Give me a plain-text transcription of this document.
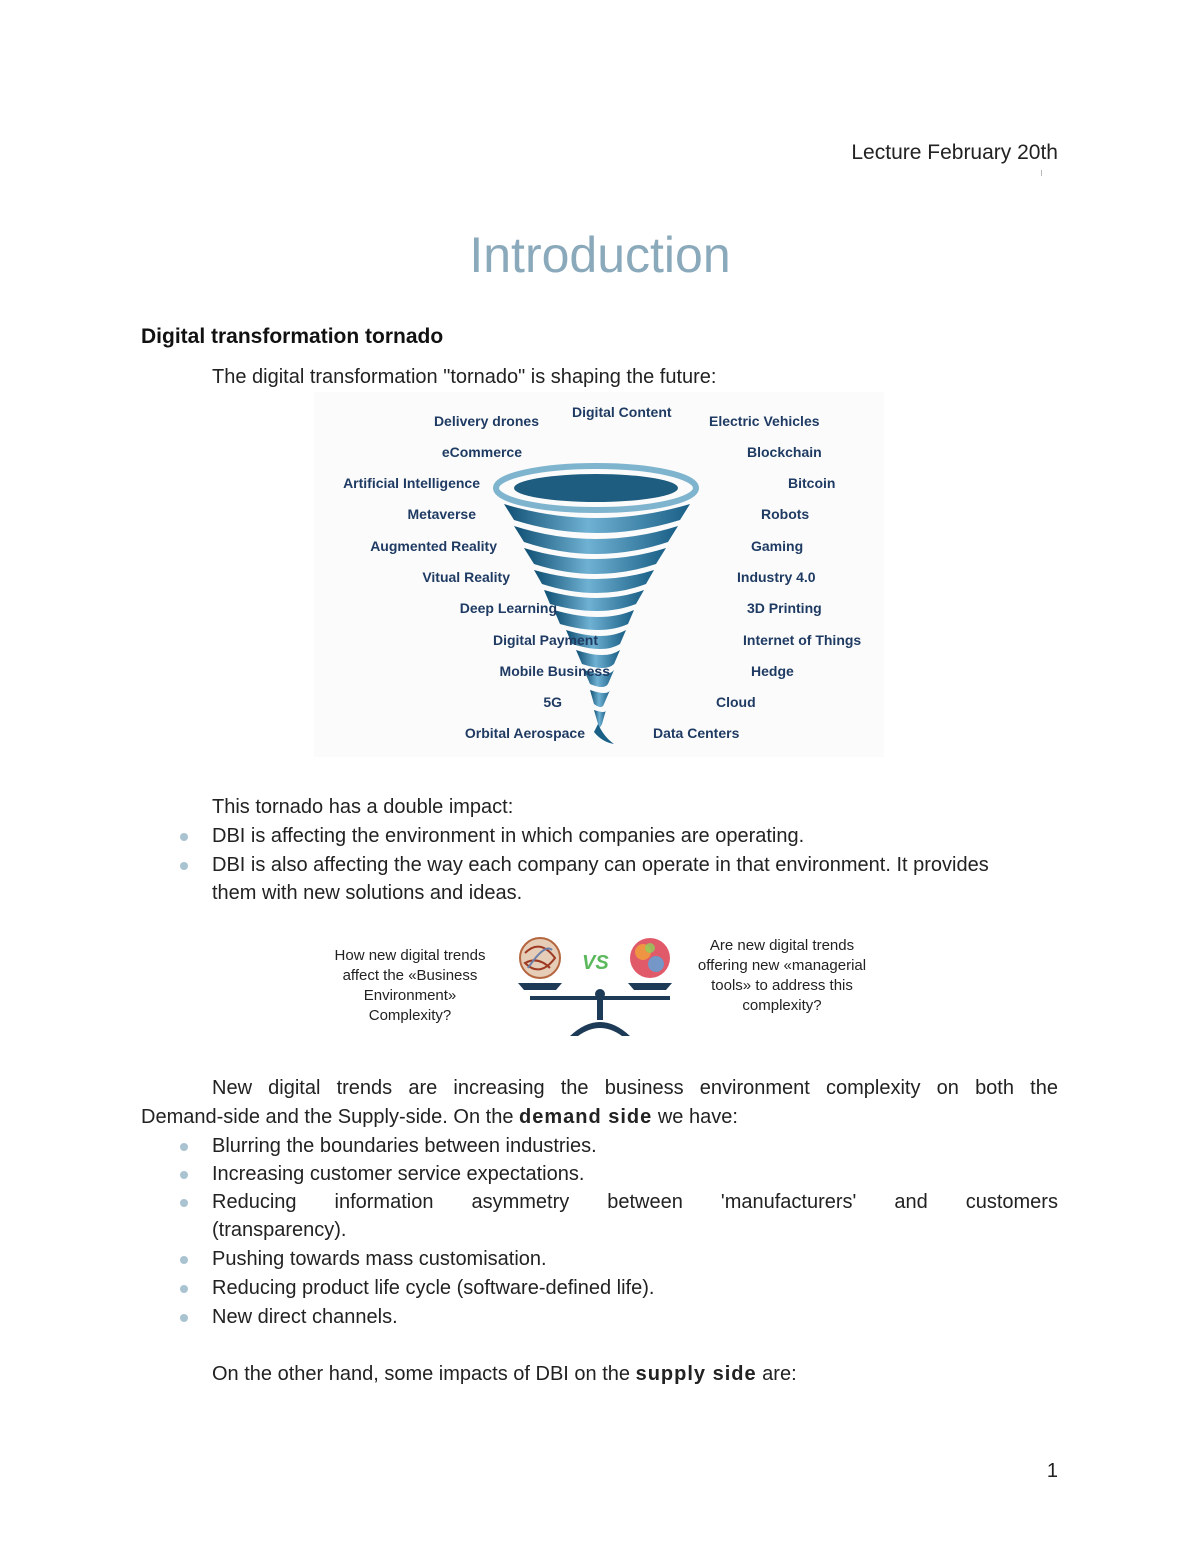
Lecture February 20th
Introduction
Digital transformation tornado
The digital transformation "tornado" is shaping the future:
Digital Content
Delivery drones
eCommerce
Artificial Intelligence
Metaverse
Augmented Reality
Vitual Reality
Deep Learning
Digital Payment
Mobile Business
5G
Orbital Aerospace
Electric Vehicles
Blockchain
Bitcoin
Robots
Gaming
Industry 4.0
3D Printing
Internet of Things
Hedge
Cloud
Data Centers
This tornado has a double impact:
DBI is affecting the environment in which companies are operating.
DBI is also affecting the way each company can operate in that environment. It provides
them with new solutions and ideas.
How new digital trends
affect the «Business
Environment»
Complexity?
VS
Are new digital trends
offering new «managerial
tools» to address this
complexity?
New digital trends are increasing the business environment complexity on both the
Demand-side and the Supply-side. On the demand side we have:
Blurring the boundaries between industries.
Increasing customer service expectations.
Reducing information asymmetry between 'manufacturers' and customers
(transparency).
Pushing towards mass customisation.
Reducing product life cycle (software-defined life).
New direct channels.
On the other hand, some impacts of DBI on the supply side are:
1
